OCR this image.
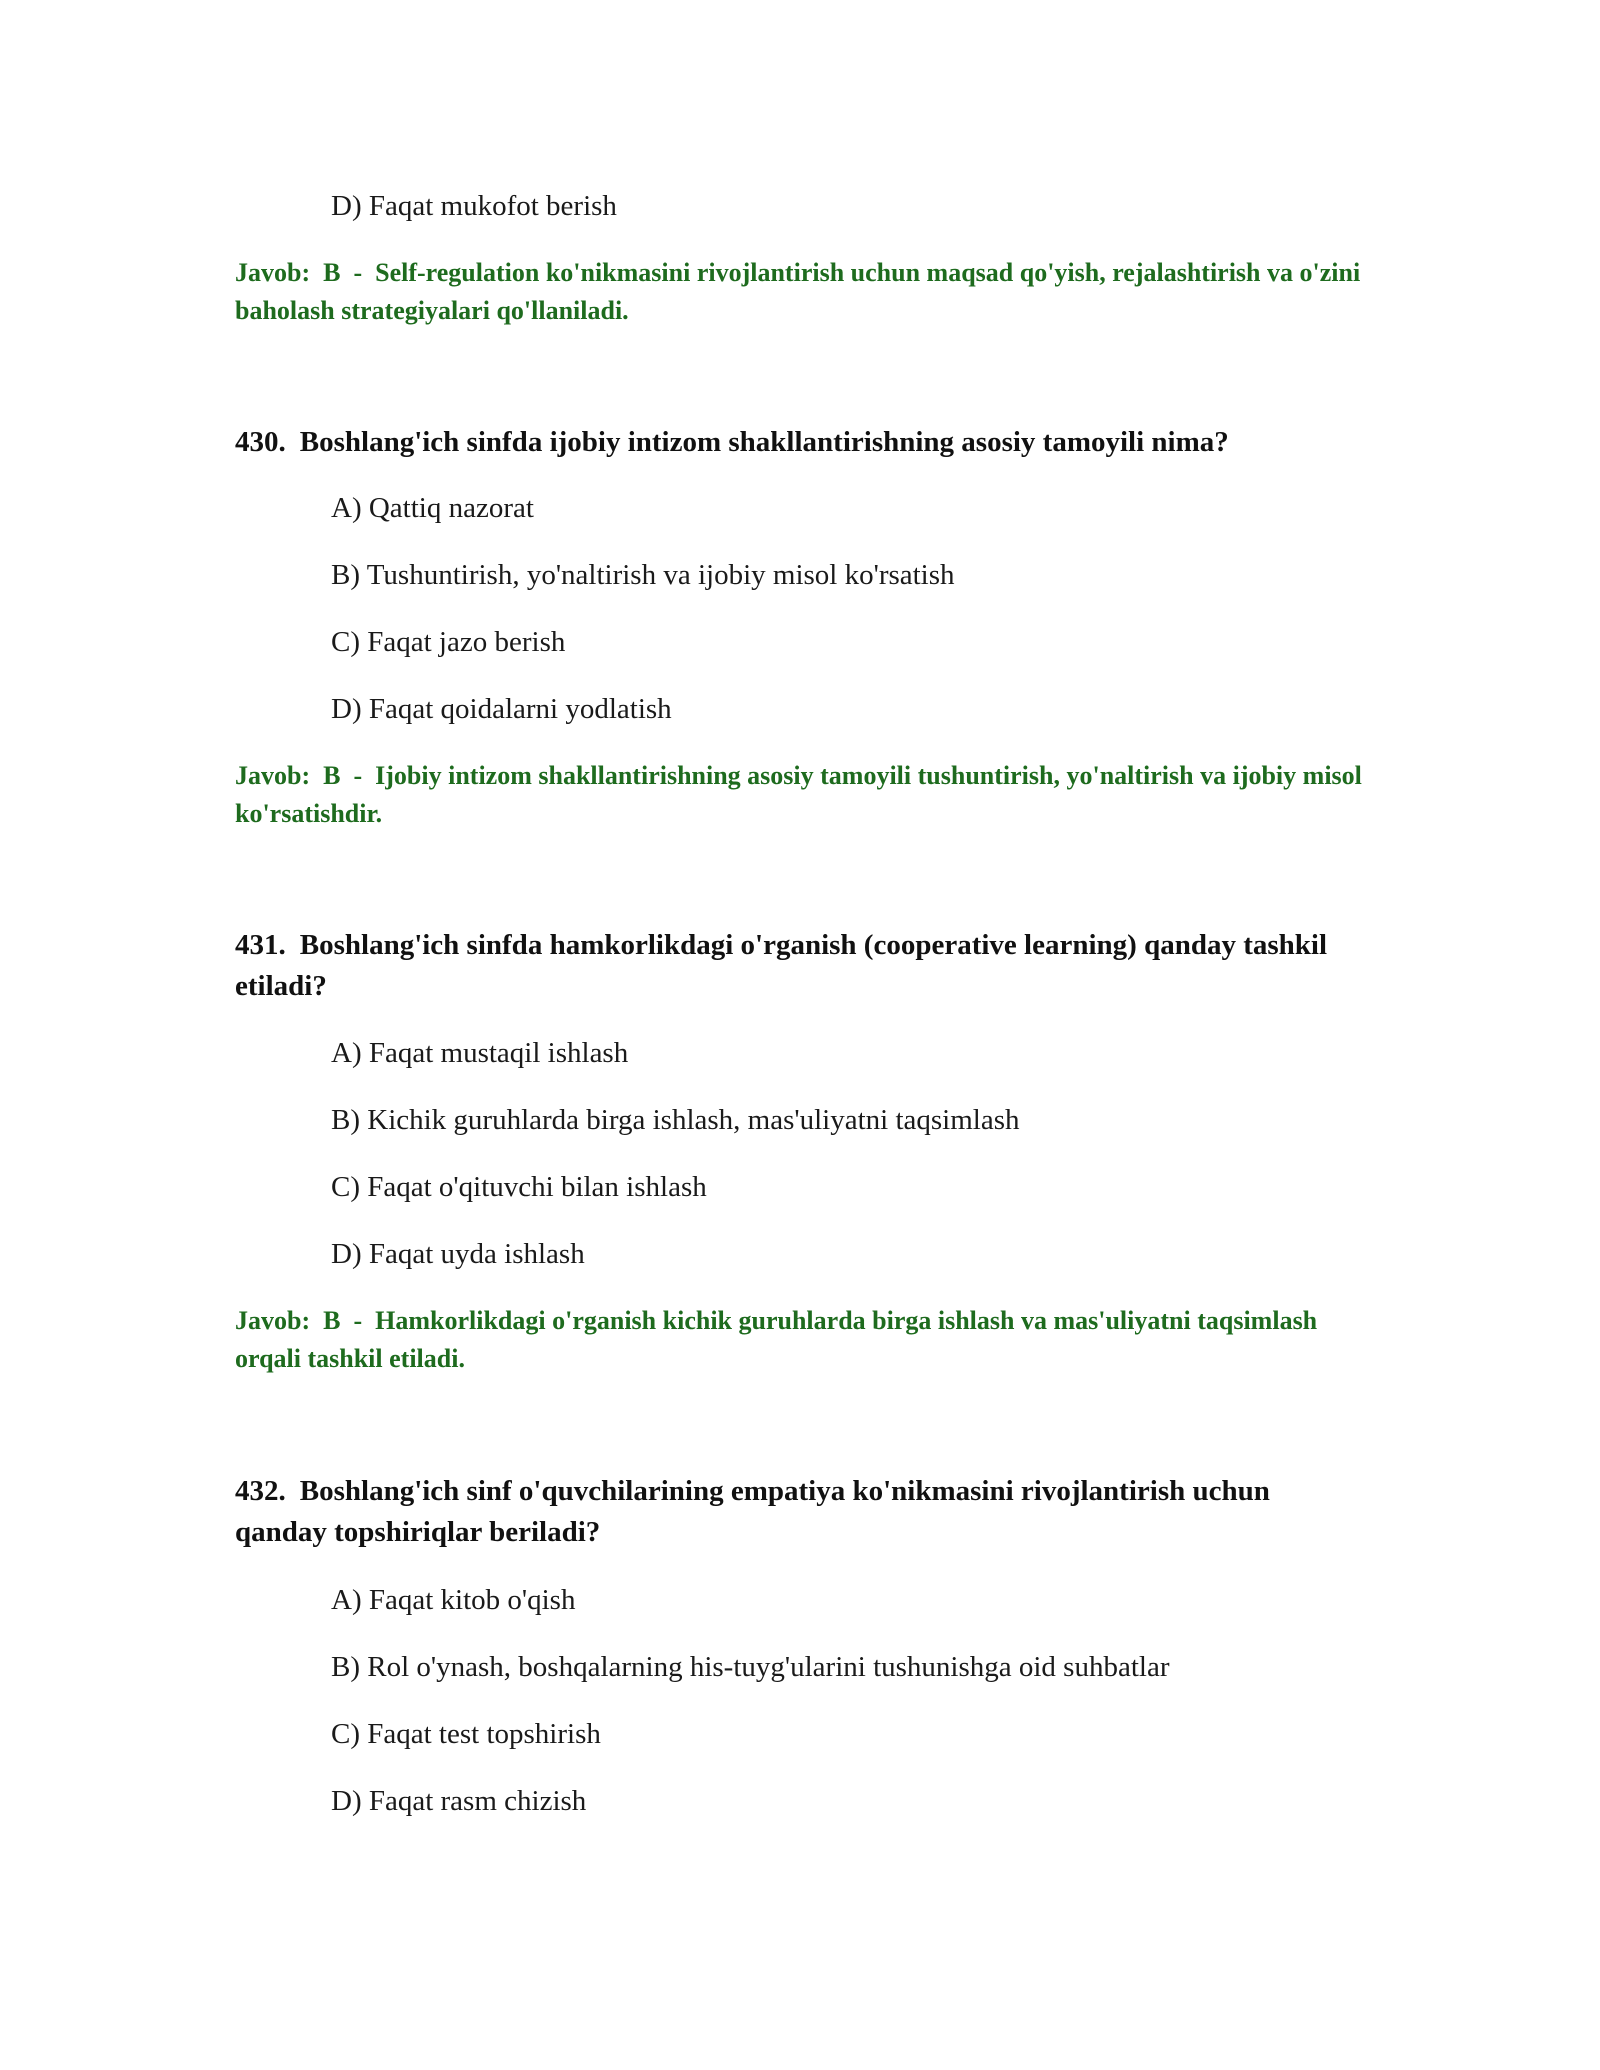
D) Faqat mukofot berish

Javob: B - Self-regulation ko'nikmasini rivojlantirish uchun maqsad qo'yish, rejalashtirish va o'zini baholash strategiyalari qo'llaniladi.

430. Boshlang'ich sinfda ijobiy intizom shakllantirishning asosiy tamoyili nima?

A) Qattiq nazorat

B) Tushuntirish, yo'naltirish va ijobiy misol ko'rsatish

C) Faqat jazo berish

D) Faqat qoidalarni yodlatish

Javob: B - Ijobiy intizom shakllantirishning asosiy tamoyili tushuntirish, yo'naltirish va ijobiy misol ko'rsatishdir.

431. Boshlang'ich sinfda hamkorlikdagi o'rganish (cooperative learning) qanday tashkil etiladi?

A) Faqat mustaqil ishlash

B) Kichik guruhlarda birga ishlash, mas'uliyatni taqsimlash

C) Faqat o'qituvchi bilan ishlash

D) Faqat uyda ishlash

Javob: B - Hamkorlikdagi o'rganish kichik guruhlarda birga ishlash va mas'uliyatni taqsimlash orqali tashkil etiladi.

432. Boshlang'ich sinf o'quvchilarining empatiya ko'nikmasini rivojlantirish uchun qanday topshiriqlar beriladi?

A) Faqat kitob o'qish

B) Rol o'ynash, boshqalarning his-tuyg'ularini tushunishga oid suhbatlar

C) Faqat test topshirish

D) Faqat rasm chizish
